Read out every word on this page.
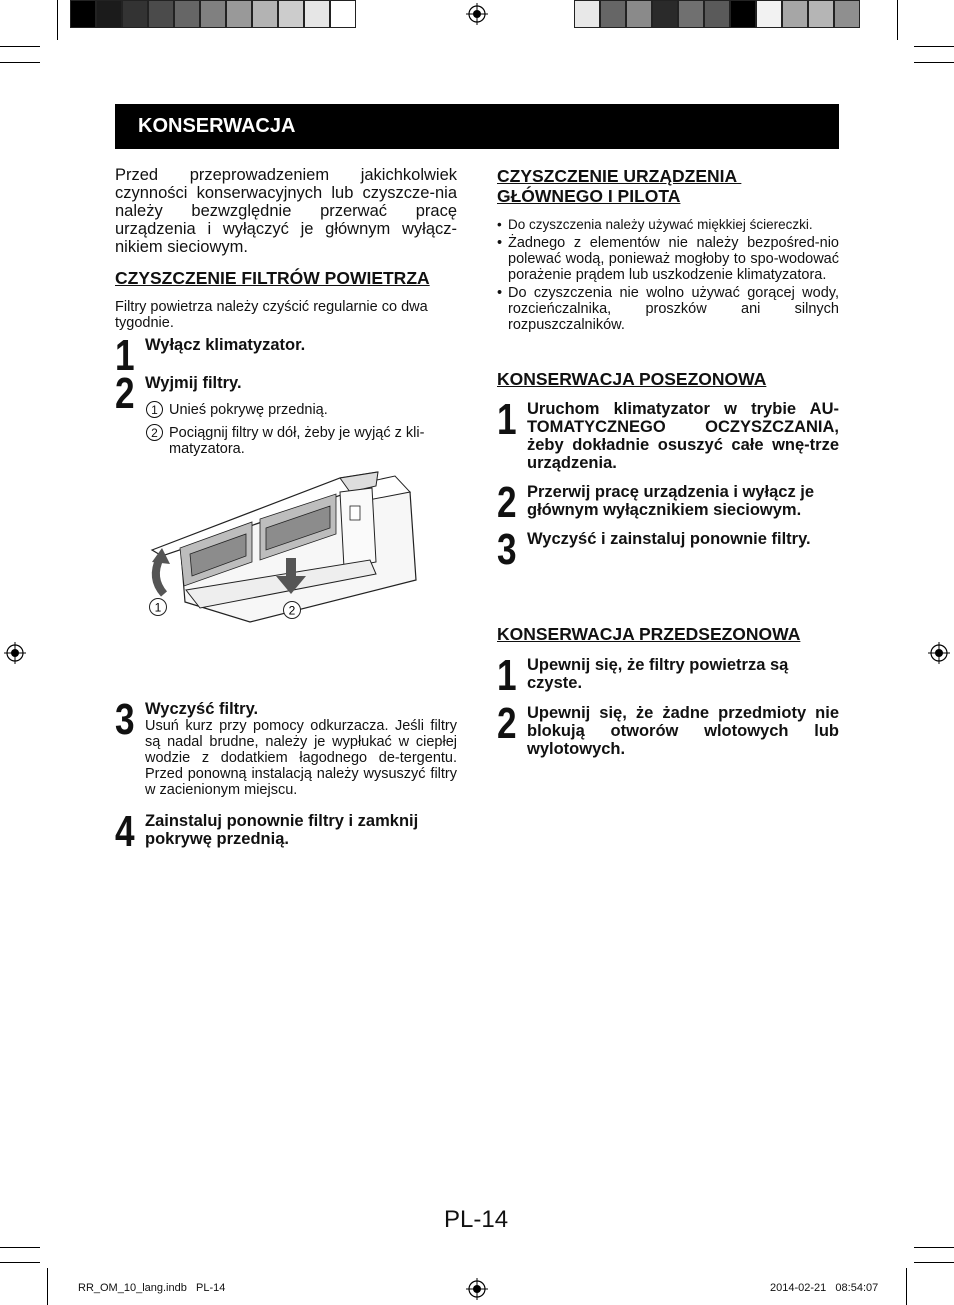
KONSERWACJA
Przed przeprowadzeniem jakichkolwiek czynności konserwacyjnych lub czyszcze-nia należy bezwzględnie przerwać pracę urządzenia i wyłączyć je głównym wyłącz-nikiem sieciowym.
CZYSZCZENIE FILTRÓW POWIETRZA
Filtry powietrza należy czyścić regularnie co dwa tygodnie.
1 Wyłącz klimatyzator.
2 Wyjmij filtry.
1 Unieś pokrywę przednią.
2 Pociągnij filtry w dół, żeby je wyjąć z kli-matyzatora.
1	2
3 Wyczyść filtry.
Usuń kurz przy pomocy odkurzacza. Jeśli filtry są nadal brudne, należy je wypłukać w ciepłej wodzie z dodatkiem łagodnego de-tergentu. Przed ponowną instalacją należy wysuszyć filtry w zacienionym miejscu.
4 Zainstaluj ponownie filtry i zamknij pokrywę przednią.
CZYSZCZENIE URZĄDZENIA
GŁÓWNEGO I PILOTA
• Do czyszczenia należy używać miękkiej ściereczki.
• Żadnego z elementów nie należy bezpośred-nio polewać wodą, ponieważ mogłoby to spo-wodować porażenie prądem lub uszkodzenie klimatyzatora.
• Do czyszczenia nie wolno używać gorącej wody, rozcieńczalnika, proszków ani silnych rozpuszczalników.
KONSERWACJA POSEZONOWA
1 Uruchom klimatyzator w trybie AU-TOMATYCZNEGO OCZYSZCZANIA, żeby dokładnie osuszyć całe wnę-trze urządzenia.
2 Przerwij pracę urządzenia i wyłącz je głównym wyłącznikiem sieciowym.
3 Wyczyść i zainstaluj ponownie filtry.
KONSERWACJA PRZEDSEZONOWA
1 Upewnij się, że filtry powietrza są czyste.
2 Upewnij się, że żadne przedmioty nie blokują otworów wlotowych lub wylotowych.
PL-14
RR_OM_10_lang.indb   PL-14	2014-02-21   08:54:07
